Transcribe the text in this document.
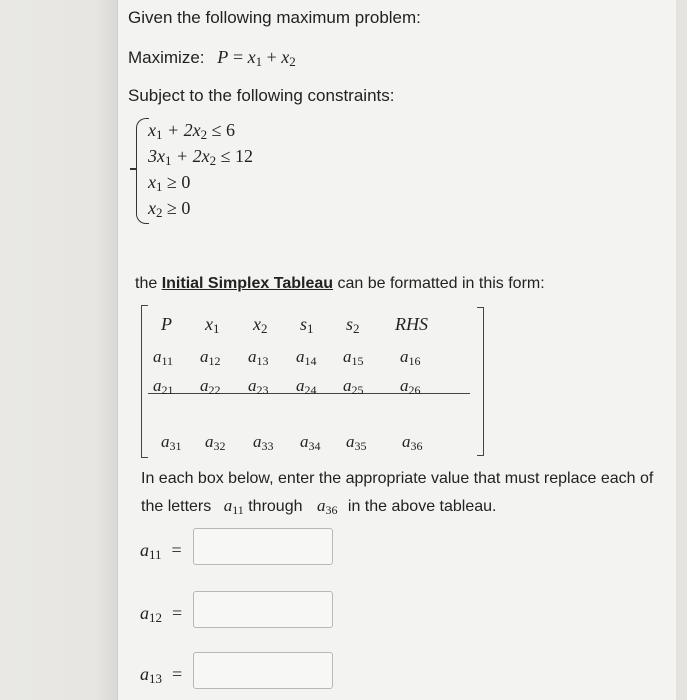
Given the following maximum problem:
Maximize: P = x1 + x2
Subject to the following constraints:
x1 + 2x2 ≤ 6
3x1 + 2x2 ≤ 12
x1 ≥ 0
x2 ≥ 0
the Initial Simplex Tableau can be formatted in this form:
P x1 x2 s1 s2 RHS
a11 a12 a13 a14 a15 a16
a21 a22 a23 a24 a25 a26
a31 a32 a33 a34 a35 a36
In each box below, enter the appropriate value that must replace each of
the letters a11 through a36 in the above tableau.
a11 =
a12 =
a13 =
